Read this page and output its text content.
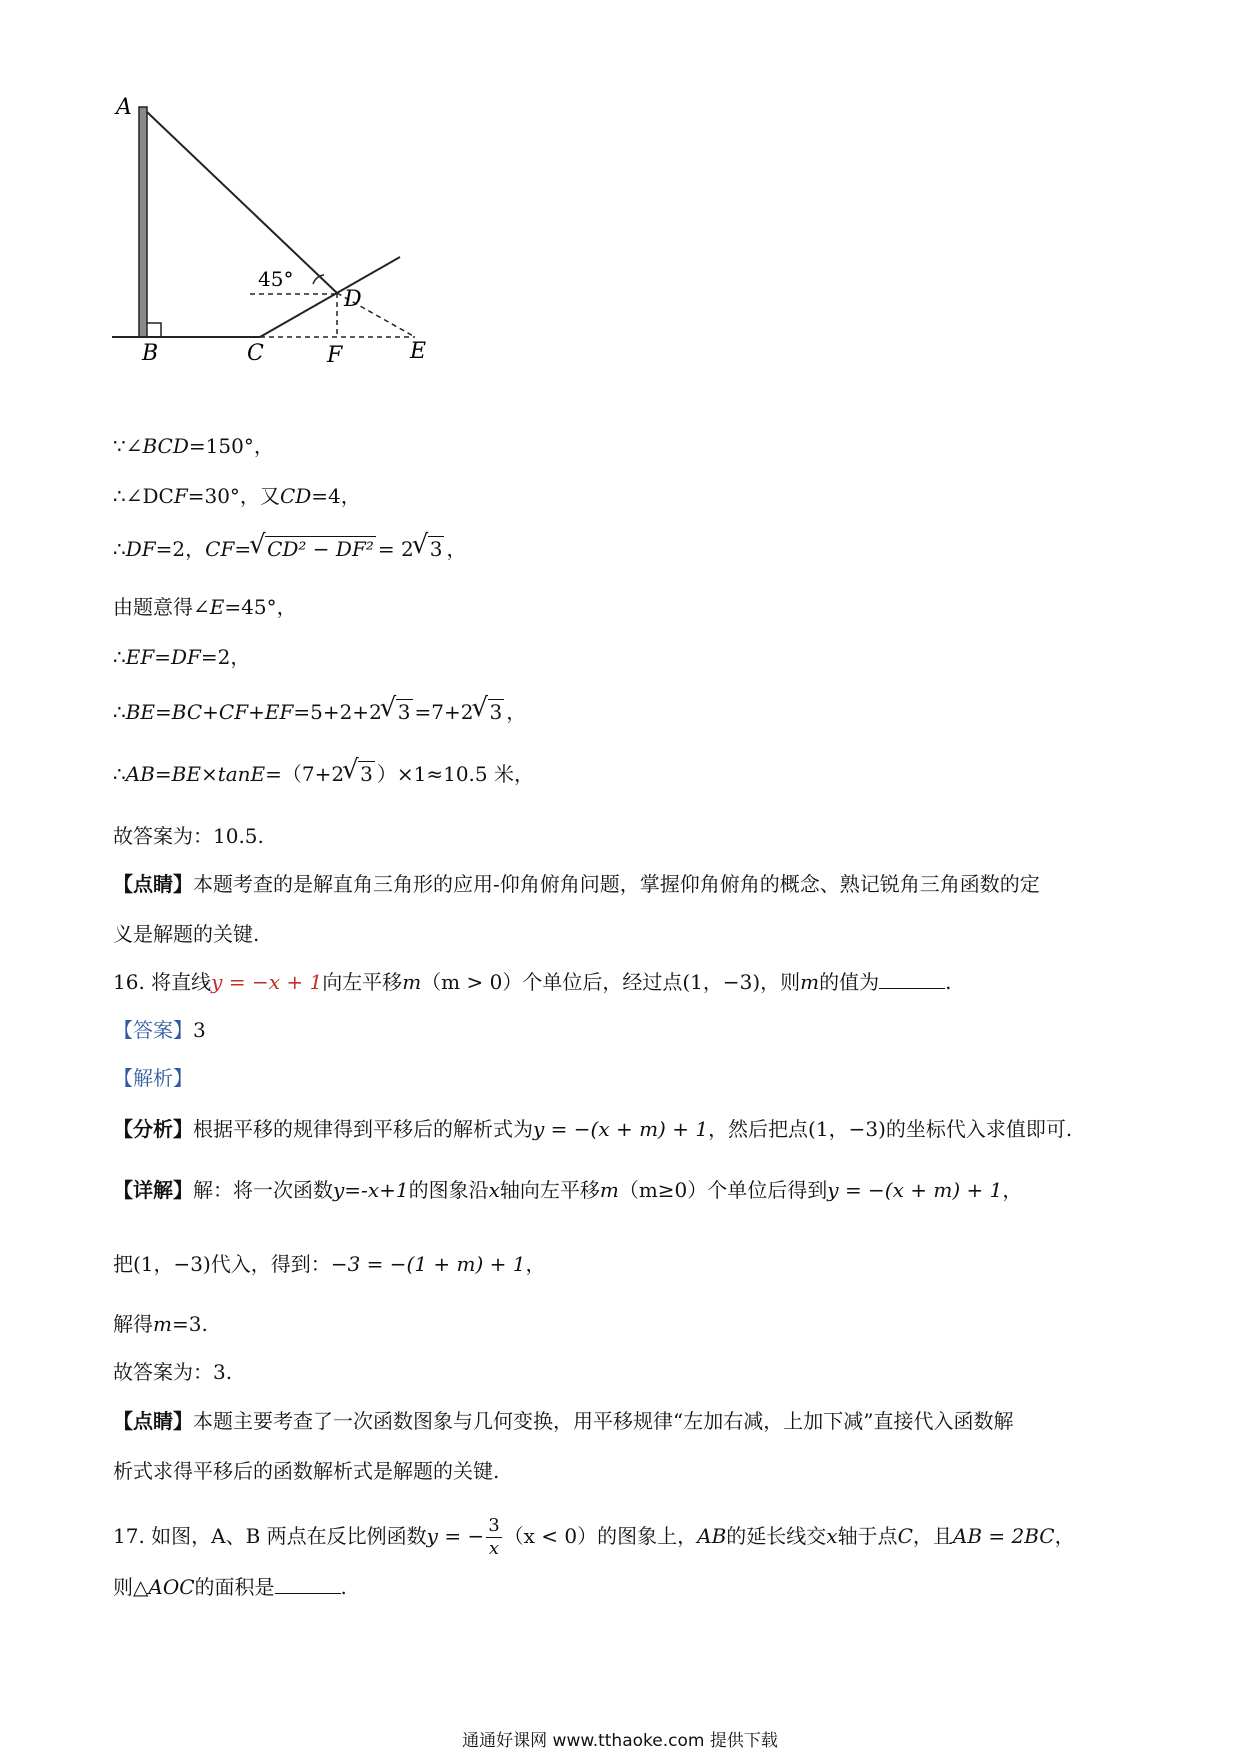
45°
A
B	C
D
E
F
∵∠BCD=150°，
∴∠DCF=30°，又CD=4，
∴DF=2，CF= √ CD² − DF² = 2 √ 3 ，
由题意得∠E=45°，
∴EF=DF=2，
∴BE=BC+CF+EF=5+2+2 √ 3 =7+2 √ 3 ，
∴AB=BE×tanE=（7+2 √ 3 ）×1≈10.5 米，
故答案为：10.5.
【点睛】本题考查的是解直角三角形的应用-仰角俯角问题，掌握仰角俯角的概念、熟记锐角三角函数的定
义是解题的关键.
16. 将直线y = −x + 1向左平移m（m > 0）个单位后，经过点(1，−3)，则m的值为	.
【答案】3
【解析】
【分析】根据平移的规律得到平移后的解析式为y = −(x + m) + 1，然后把点(1，−3)的坐标代入求值即可.
【详解】解：将一次函数y=-x+1的图象沿x轴向左平移m（m≥0）个单位后得到y = −(x + m) + 1，
把(1，−3)代入，得到：−3 = −(1 + m) + 1，
解得m=3.
故答案为：3.
【点睛】本题主要考查了一次函数图象与几何变换，用平移规律“左加右减，上加下减”直接代入函数解
析式求得平移后的函数解析式是解题的关键.
17. 如图，A、B 两点在反比例函数y = − $\frac{3}{x} (x < 0)$的图象上，AB的延长线交x轴于点C，且AB = 2BC，
则△AOC的面积是	.
通通好课网 www.tthaoke.com 提供下载
